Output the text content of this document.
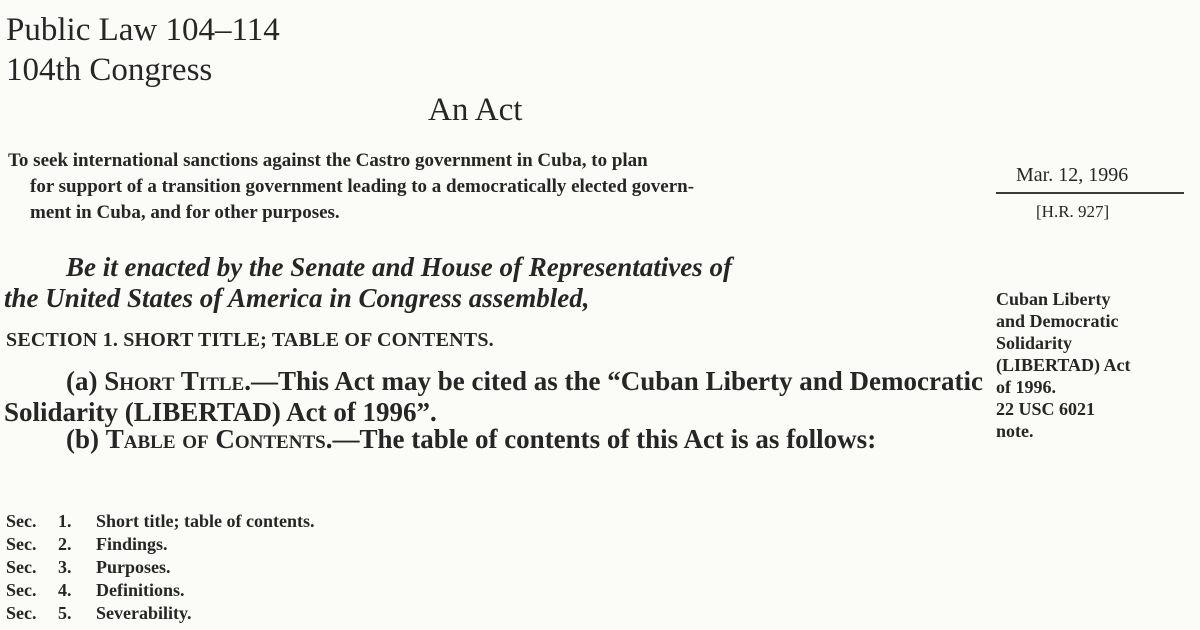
Public Law 104–114
104th Congress
An Act
To seek international sanctions against the Castro government in Cuba, to plan
for support of a transition government leading to a democratically elected govern-
ment in Cuba, and for other purposes.
Mar. 12, 1996
[H.R. 927]
Be it enacted by the Senate and House of Representatives of
the United States of America in Congress assembled,
SECTION 1. SHORT TITLE; TABLE OF CONTENTS.
(a) Short Title.—This Act may be cited as the “Cuban Liberty and Democratic Solidarity (LIBERTAD) Act of 1996”.
(b) Table of Contents.—The table of contents of this Act is as follows:
Cuban Liberty
and Democratic
Solidarity
(LIBERTAD) Act
of 1996.
22 USC 6021
note.
Sec.	1.	Short title; table of contents.
Sec.	2.	Findings.
Sec.	3.	Purposes.
Sec.	4.	Definitions.
Sec.	5.	Severability.
